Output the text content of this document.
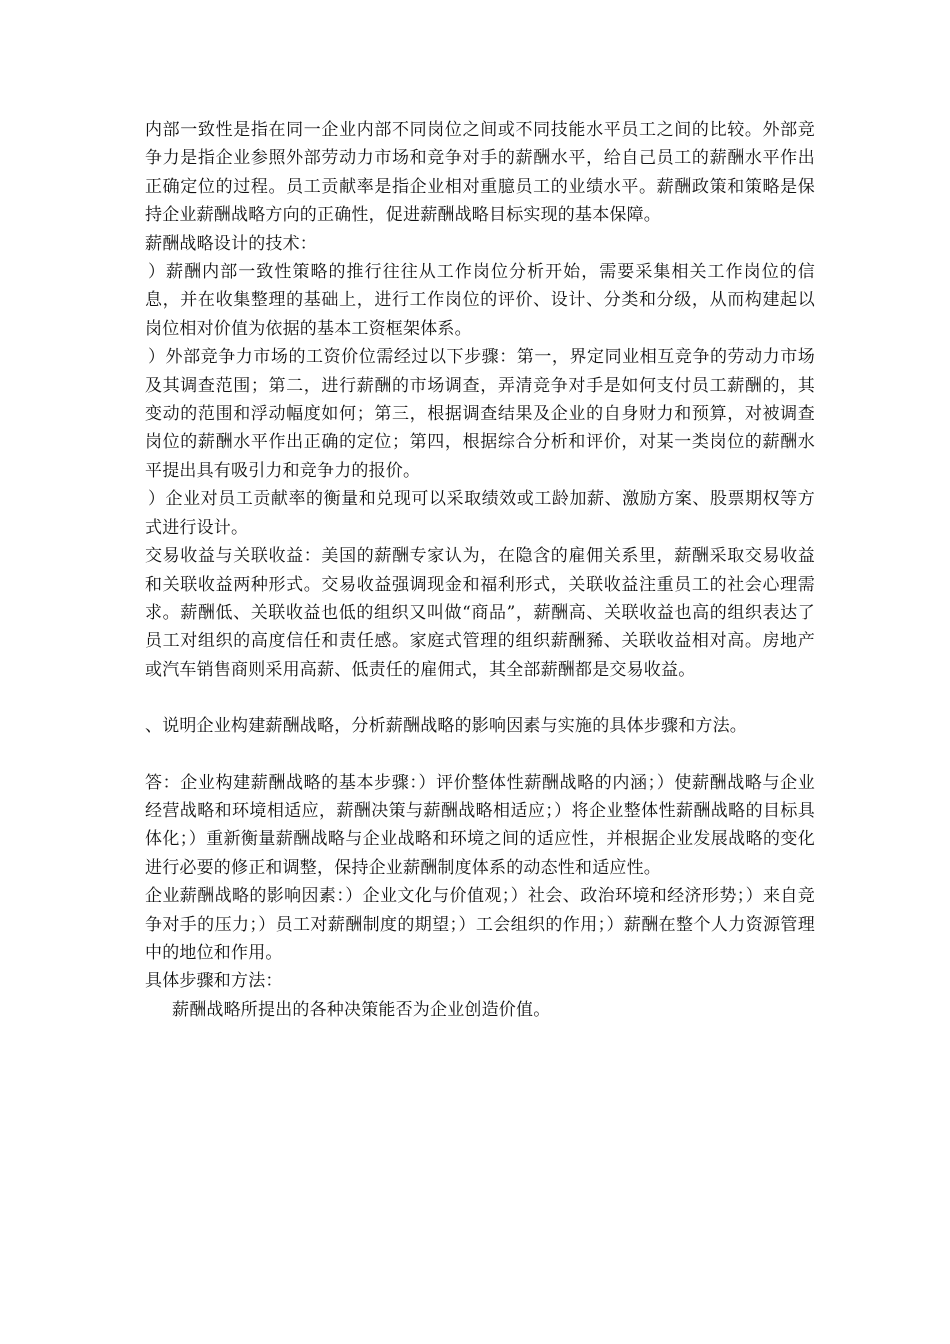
内部一致性是指在同一企业内部不同岗位之间或不同技能水平员工之间的比较。外部竞争力是指企业参照外部劳动力市场和竞争对手的薪酬水平，给自己员工的薪酬水平作出正确定位的过程。员工贡献率是指企业相对重臆员工的业绩水平。薪酬政策和策略是保持企业薪酬战略方向的正确性，促进薪酬战略目标实现的基本保障。

薪酬战略设计的技术：

）薪酬内部一致性策略的推行往往从工作岗位分析开始，需要采集相关工作岗位的信息，并在收集整理的基础上，进行工作岗位的评价、设计、分类和分级，从而构建起以岗位相对价值为依据的基本工资框架体系。

）外部竞争力市场的工资价位需经过以下步骤：第一，界定同业相互竞争的劳动力市场及其调查范围；第二，进行薪酬的市场调查，弄清竞争对手是如何支付员工薪酬的，其变动的范围和浮动幅度如何；第三，根据调查结果及企业的自身财力和预算，对被调查岗位的薪酬水平作出正确的定位；第四，根据综合分析和评价，对某一类岗位的薪酬水平提出具有吸引力和竞争力的报价。

）企业对员工贡献率的衡量和兑现可以采取绩效或工龄加薪、激励方案、股票期权等方式进行设计。

交易收益与关联收益：美国的薪酬专家认为，在隐含的雇佣关系里，薪酬采取交易收益和关联收益两种形式。交易收益强调现金和福利形式，关联收益注重员工的社会心理需求。薪酬低、关联收益也低的组织又叫做“商品”，薪酬高、关联收益也高的组织表达了员工对组织的高度信任和责任感。家庭式管理的组织薪酬豨、关联收益相对高。房地产或汽车销售商则采用高薪、低责任的雇佣式，其全部薪酬都是交易收益。

、说明企业构建薪酬战略，分析薪酬战略的影响因素与实施的具体步骤和方法。

答：企业构建薪酬战略的基本步骤：）评价整体性薪酬战略的内涵；）使薪酬战略与企业经营战略和环境相适应，薪酬决策与薪酬战略相适应；）将企业整体性薪酬战略的目标具体化；）重新衡量薪酬战略与企业战略和环境之间的适应性，并根据企业发展战略的变化进行必要的修正和调整，保持企业薪酬制度体系的动态性和适应性。

企业薪酬战略的影响因素：）企业文化与价值观；）社会、政治环境和经济形势；）来自竞争对手的压力；）员工对薪酬制度的期望；）工会组织的作用；）薪酬在整个人力资源管理中的地位和作用。

具体步骤和方法：

薪酬战略所提出的各种决策能否为企业创造价值。
